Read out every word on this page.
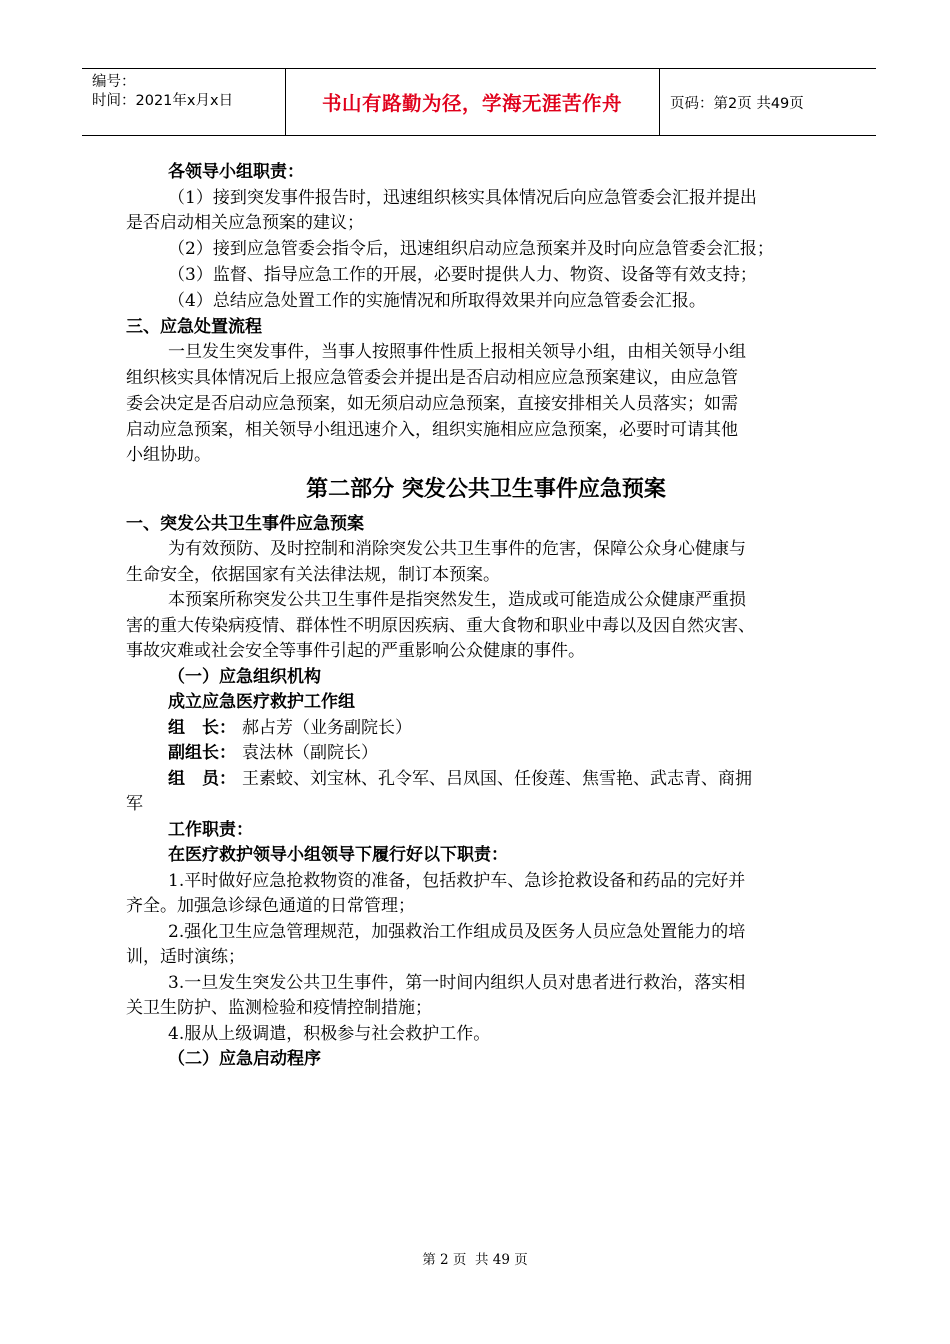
编号：
时间：2021年x月x日	书山有路勤为径，学海无涯苦作舟	页码：第2页 共49页
各领导小组职责：
（1）接到突发事件报告时，迅速组织核实具体情况后向应急管委会汇报并提出
是否启动相关应急预案的建议；
（2）接到应急管委会指令后，迅速组织启动应急预案并及时向应急管委会汇报；
（3）监督、指导应急工作的开展，必要时提供人力、物资、设备等有效支持；
（4）总结应急处置工作的实施情况和所取得效果并向应急管委会汇报。
三、应急处置流程
一旦发生突发事件，当事人按照事件性质上报相关领导小组，由相关领导小组
组织核实具体情况后上报应急管委会并提出是否启动相应应急预案建议，由应急管
委会决定是否启动应急预案，如无须启动应急预案，直接安排相关人员落实；如需
启动应急预案，相关领导小组迅速介入，组织实施相应应急预案，必要时可请其他
小组协助。
第二部分 突发公共卫生事件应急预案
一、突发公共卫生事件应急预案
为有效预防、及时控制和消除突发公共卫生事件的危害，保障公众身心健康与
生命安全，依据国家有关法律法规，制订本预案。
本预案所称突发公共卫生事件是指突然发生，造成或可能造成公众健康严重损
害的重大传染病疫情、群体性不明原因疾病、重大食物和职业中毒以及因自然灾害、
事故灾难或社会安全等事件引起的严重影响公众健康的事件。
（一）应急组织机构
成立应急医疗救护工作组
组　长： 郝占芳（业务副院长）
副组长： 袁法林（副院长）
组　员： 王素蛟、刘宝林、孔令军、吕凤国、任俊莲、焦雪艳、武志青、商拥
军
工作职责：
在医疗救护领导小组领导下履行好以下职责：
1.平时做好应急抢救物资的准备，包括救护车、急诊抢救设备和药品的完好并
齐全。加强急诊绿色通道的日常管理；
2.强化卫生应急管理规范，加强救治工作组成员及医务人员应急处置能力的培
训，适时演练；
3.一旦发生突发公共卫生事件，第一时间内组织人员对患者进行救治，落实相
关卫生防护、监测检验和疫情控制措施；
4.服从上级调遣，积极参与社会救护工作。
（二）应急启动程序
第 2 页  共 49 页
